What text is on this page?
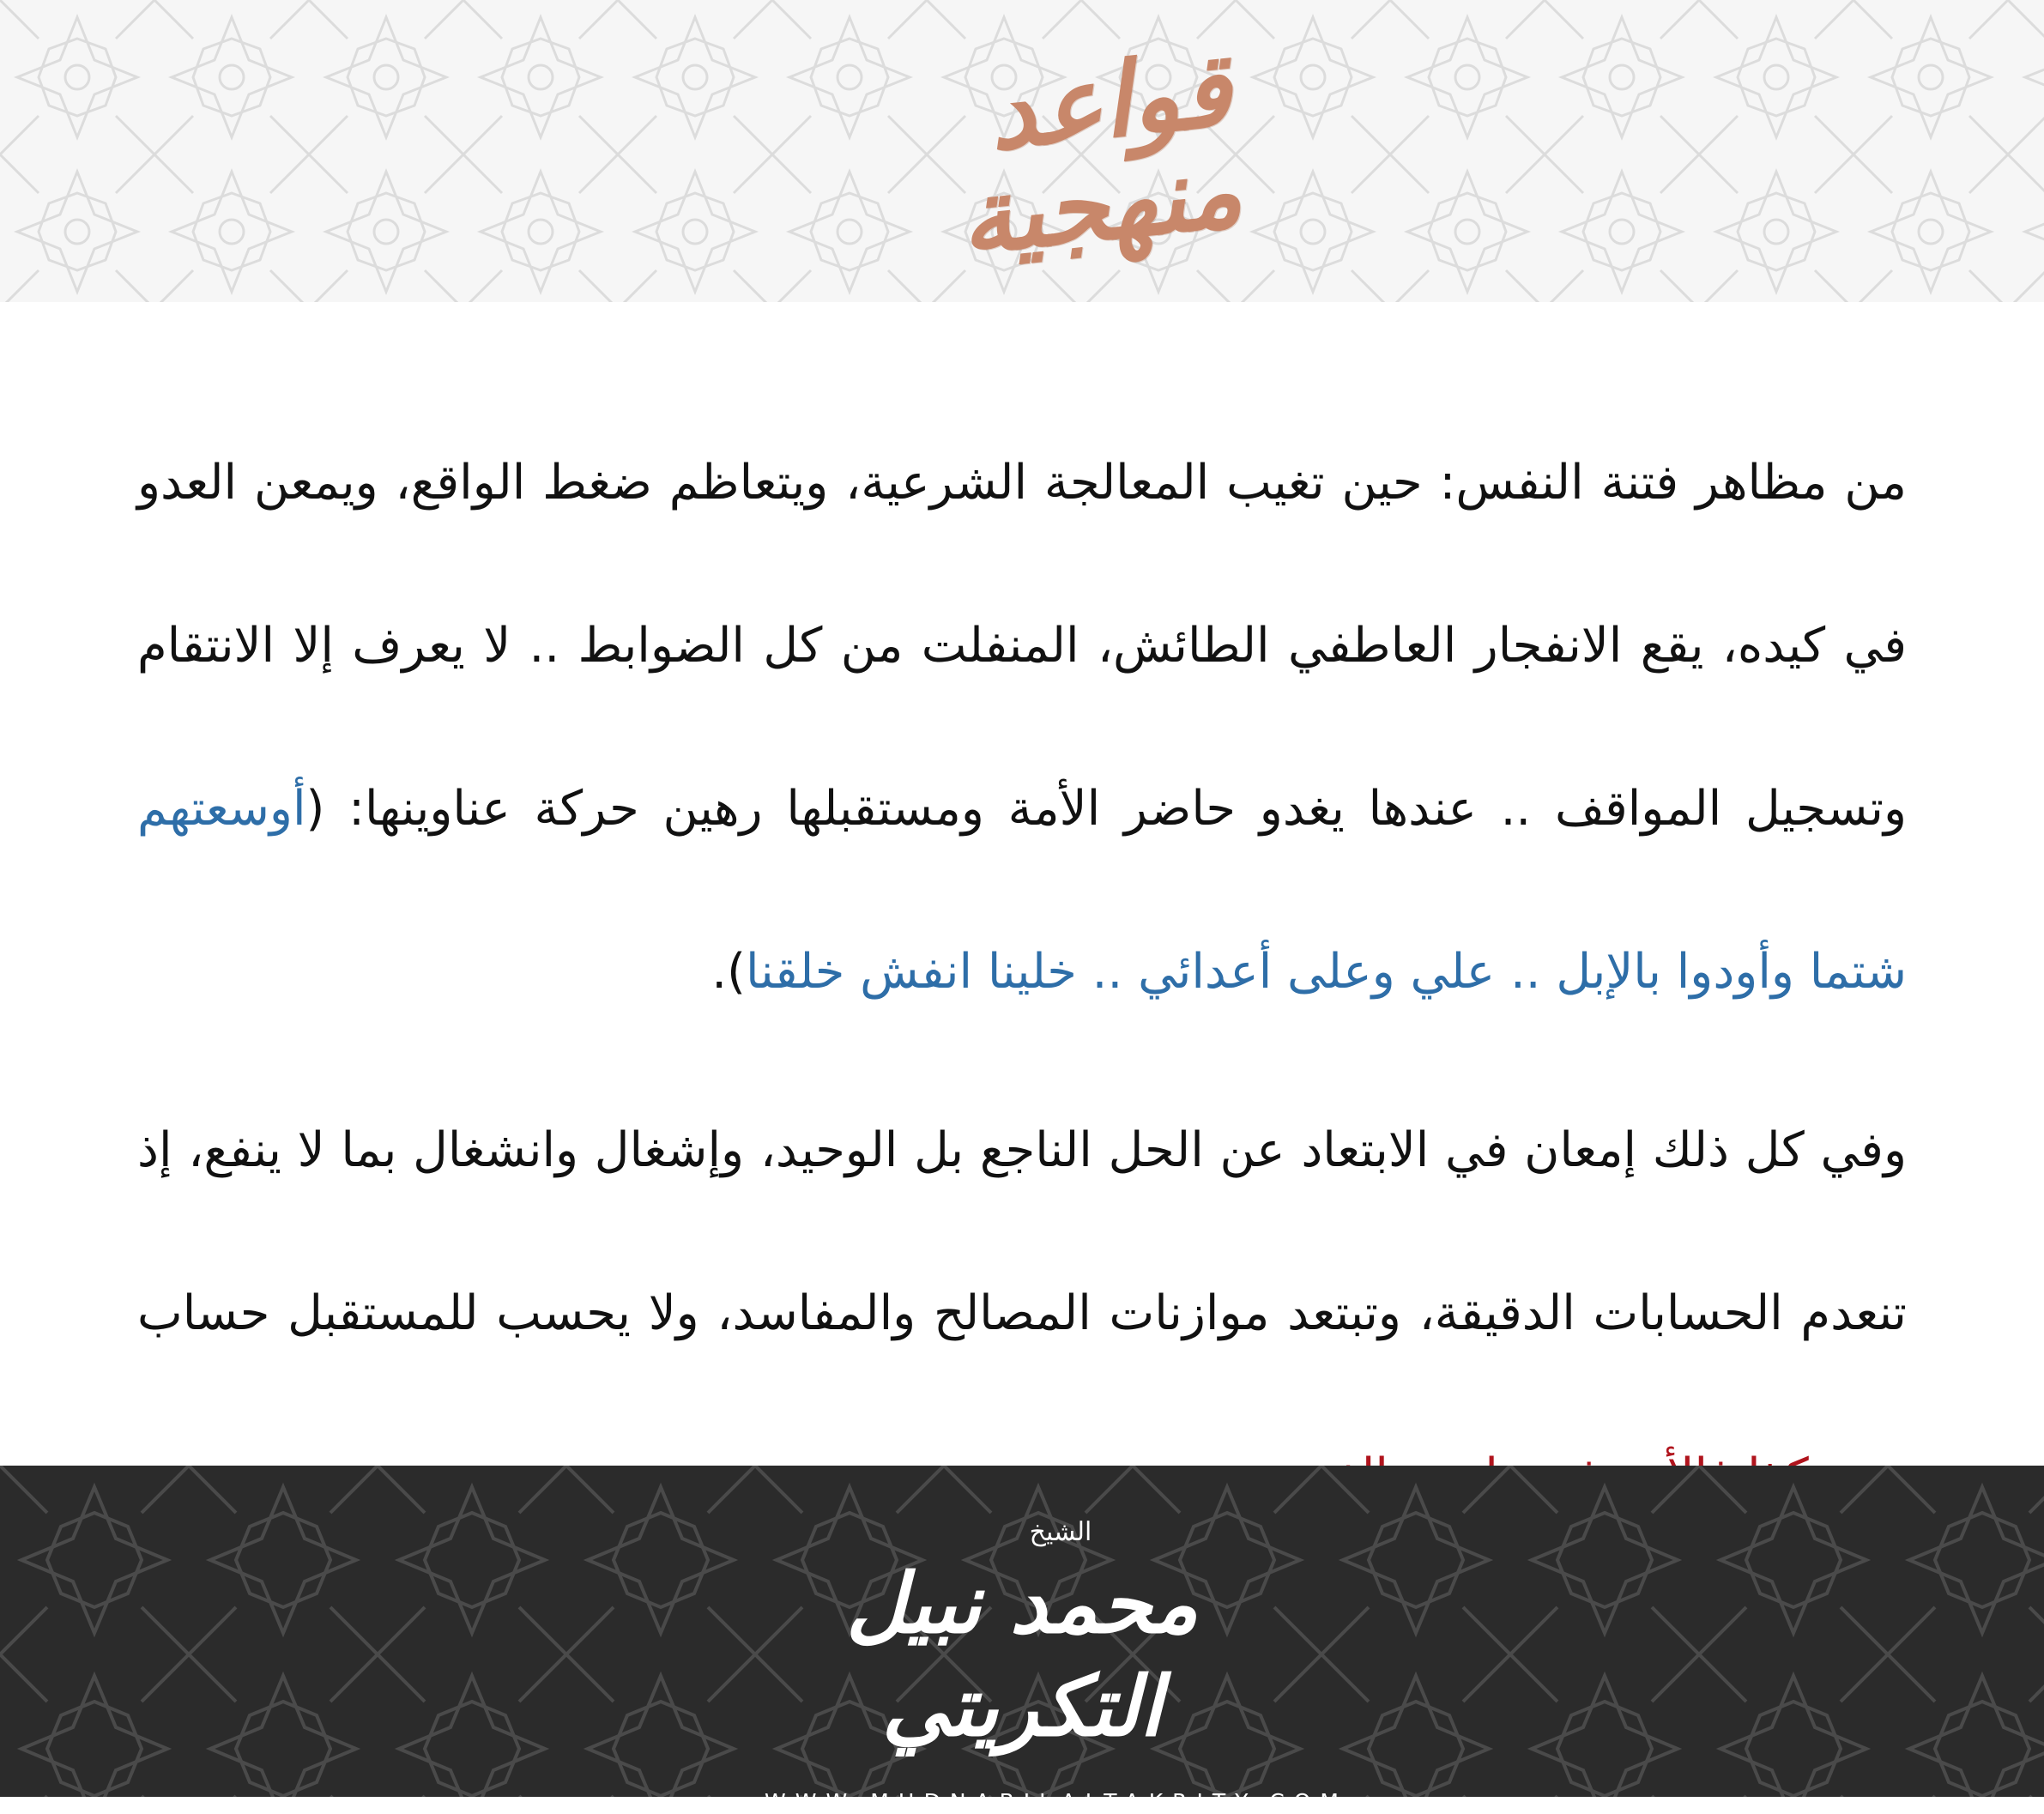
قواعد منهجية

من مظاهر فتنة النفس: حين تغيب المعالجة الشرعية، ويتعاظم ضغط الواقع، ويمعن العدو في كيده، يقع الانفجار العاطفي الطائش، المنفلت من كل الضوابط .. لا يعرف إلا الانتقام وتسجيل المواقف .. عندها يغدو حاضر الأمة ومستقبلها رهين حركة عناوينها: (أوسعتهم شتما وأودوا بالإبل .. علي وعلى أعدائي .. خلينا انفش خلقنا).

وفي كل ذلك إمعان في الابتعاد عن الحل الناجع بل الوحيد، وإشغال وانشغال بما لا ينفع، إذ تنعدم الحسابات الدقيقة، وتبتعد موازنات المصالح والمفاسد، ولا يحسب للمستقبل حساب

الشيخ
محمد نبيل التكريتي
WWW.MHDNABILALTAKRITY.COM
